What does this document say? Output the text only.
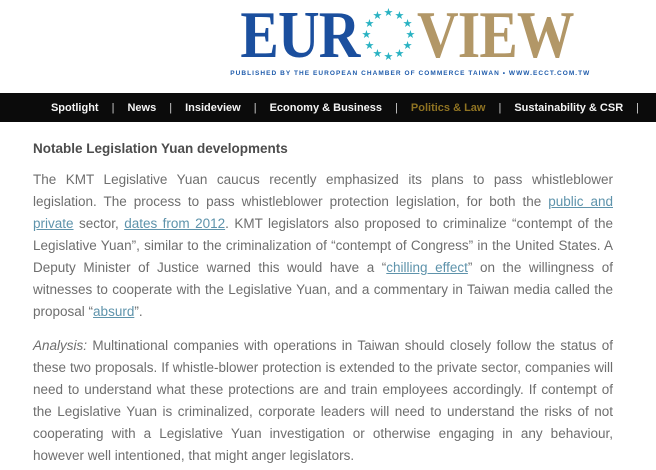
EUR ★ ★
★
★
★
★
★
★
★
★
★
★ VIEW
PUBLISHED BY THE EUROPEAN CHAMBER OF COMMERCE TAIWAN • WWW.ECCT.COM.TW
Spotlight | News | Insideview | Economy & Business | Politics & Law | Sustainability & CSR |
Notable Legislation Yuan developments

The KMT Legislative Yuan caucus recently emphasized its plans to pass whistleblower legislation. The process to pass whistleblower protection legislation, for both the public and private sector, dates from 2012. KMT legislators also proposed to criminalize “contempt of the Legislative Yuan”, similar to the criminalization of “contempt of Congress” in the United States. A Deputy Minister of Justice warned this would have a “chilling effect” on the willingness of witnesses to cooperate with the Legislative Yuan, and a commentary in Taiwan media called the proposal “absurd”.

Analysis: Multinational companies with operations in Taiwan should closely follow the status of these two proposals. If whistle-blower protection is extended to the private sector, companies will need to understand what these protections are and train employees accordingly. If contempt of the Legislative Yuan is criminalized, corporate leaders will need to understand the risks of not cooperating with a Legislative Yuan investigation or otherwise engaging in any behaviour, however well intentioned, that might anger legislators.
